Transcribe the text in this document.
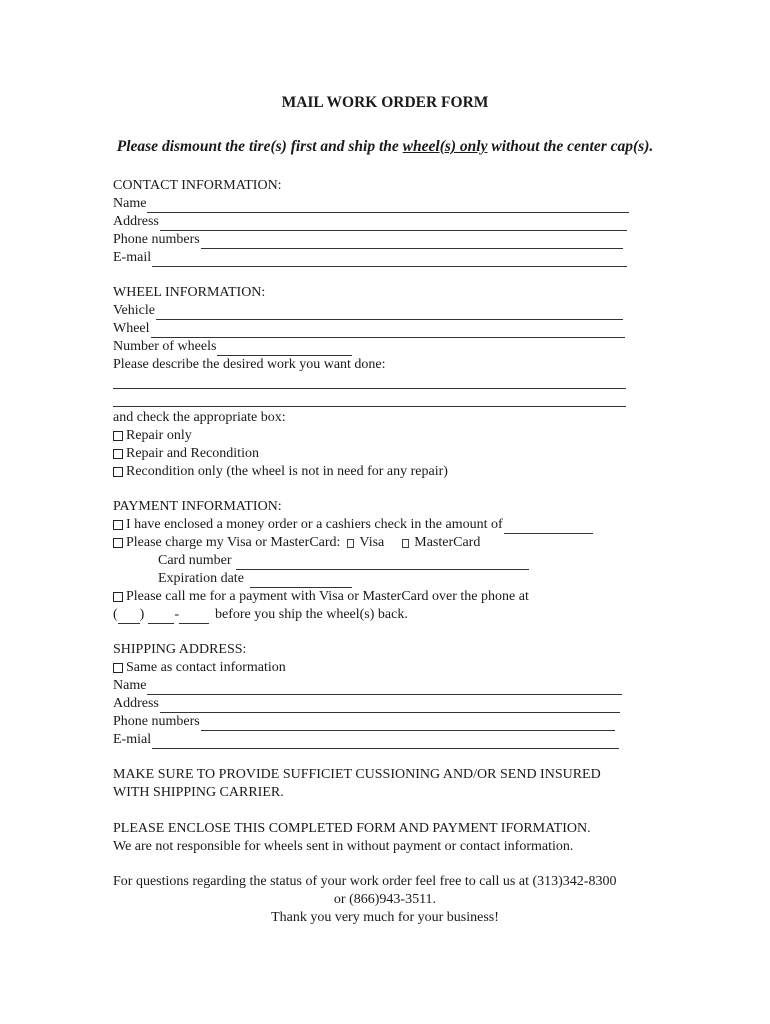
MAIL WORK ORDER FORM
Please dismount the tire(s) first and ship the wheel(s) only without the center cap(s).
CONTACT INFORMATION:
Name
Address
Phone numbers
E-mail
WHEEL INFORMATION:
Vehicle
Wheel
Number of wheels
Please describe the desired work you want done:
and check the appropriate box:
Repair only
Repair and Recondition
Recondition only (the wheel is not in need for any repair)
PAYMENT INFORMATION:
I have enclosed a money order or a cashiers check in the amount of
Please charge my Visa or MasterCard: Visa MasterCard
Card number
Expiration date
Please call me for a payment with Visa or MasterCard over the phone at
( ) -	before you ship the wheel(s) back.
SHIPPING ADDRESS:
Same as contact information
Name
Address
Phone numbers
E-mial
MAKE SURE TO PROVIDE SUFFICIET CUSSIONING AND/OR SEND INSURED
WITH SHIPPING CARRIER.
PLEASE ENCLOSE THIS COMPLETED FORM AND PAYMENT IFORMATION.
We are not responsible for wheels sent in without payment or contact information.
For questions regarding the status of your work order feel free to call us at (313)342-8300
or (866)943-3511.
Thank you very much for your business!
